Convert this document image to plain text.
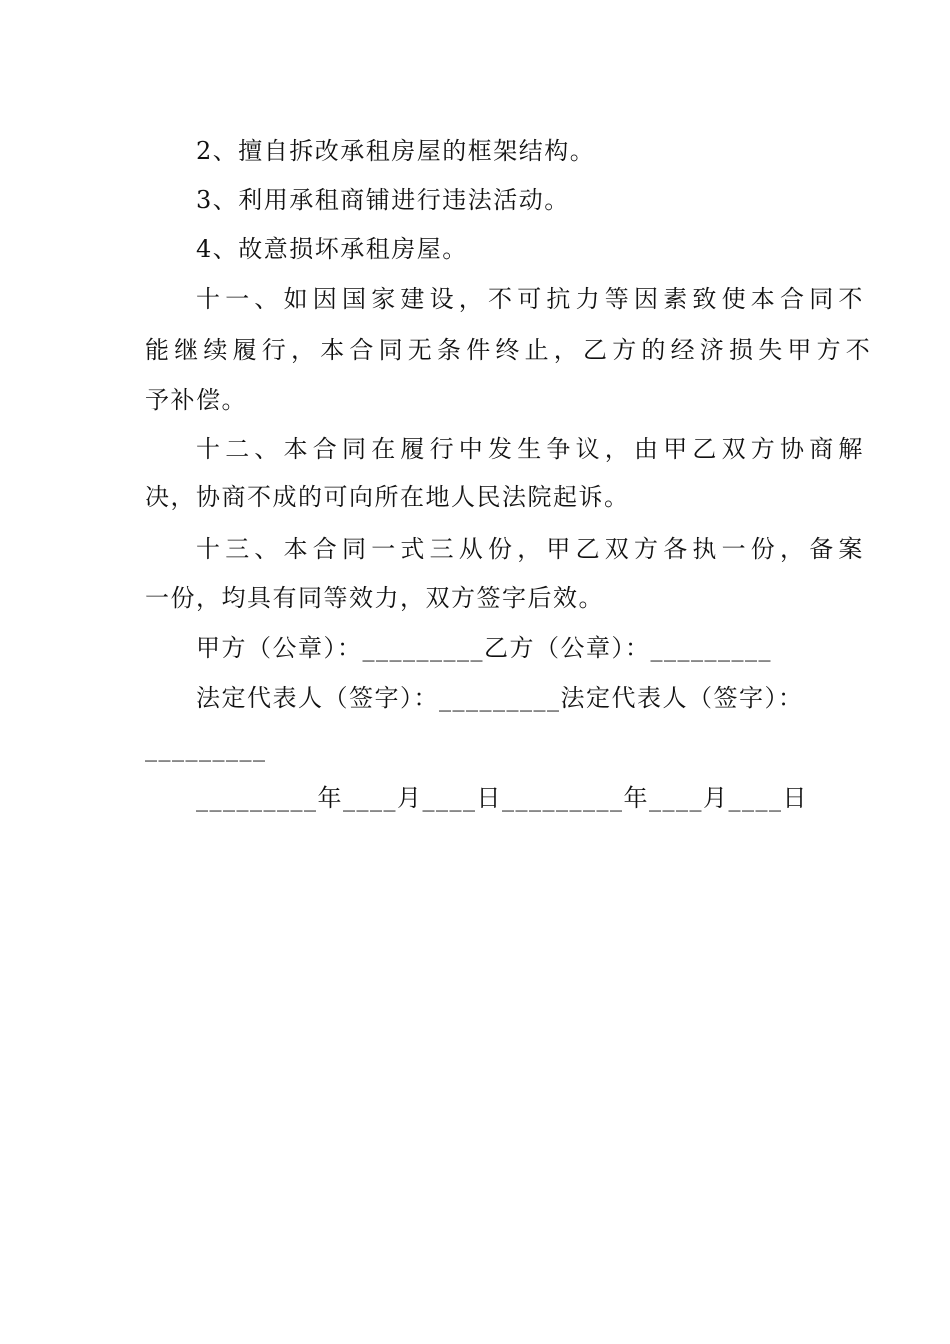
2、擅自拆改承租房屋的框架结构。
3、利用承租商铺进行违法活动。
4、故意损坏承租房屋。
十一、如因国家建设，不可抗力等因素致使本合同不
能继续履行，本合同无条件终止，乙方的经济损失甲方不
予补偿。
十二、本合同在履行中发生争议，由甲乙双方协商解
决，协商不成的可向所在地人民法院起诉。
十三、本合同一式三从份，甲乙双方各执一份，备案
一份，均具有同等效力，双方签字后效。
甲方（公章）：_________乙方（公章）：_________
法定代表人（签字）：_________法定代表人（签字）：
_________
_________年____月____日_________年____月____日
